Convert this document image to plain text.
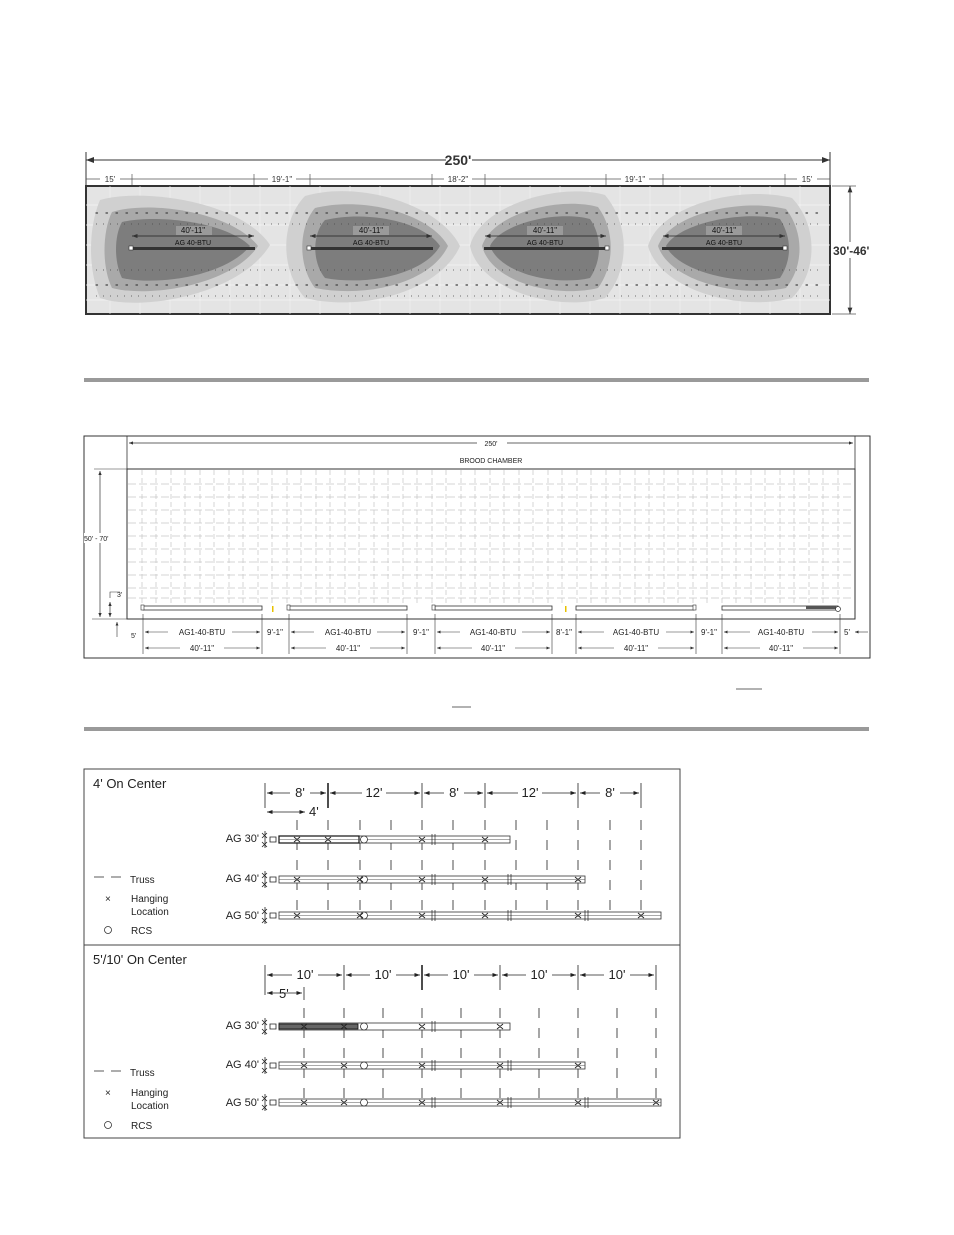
250'
15'	19'-1"	18'-2"	19'-1"	15'
40'-11"
AG 40-BTU
40'-11"
AG 40-BTU
40'-11"
AG 40-BTU
40'-11"
AG 40-BTU
30'-46'
250'
BROOD CHAMBER
50' - 70'
3'
5'	AG1-40-BTU
40'-11"
AG1-40-BTU
40'-11"
AG1-40-BTU
40'-11"
AG1-40-BTU
40'-11"
AG1-40-BTU
40'-11"
9'-1"	9'-1"	8'-1"	9'-1"	5'
4' On Center
8'	12'	8'	12'	8'
4'
AG 30'
AG 40'
AG 50'
Truss
× Hanging
Location
RCS
5'/10' On Center
10'	10'	10'	10'	10'
5'
AG 30'
AG 40'
AG 50'
Truss
× Hanging
Location
RCS
